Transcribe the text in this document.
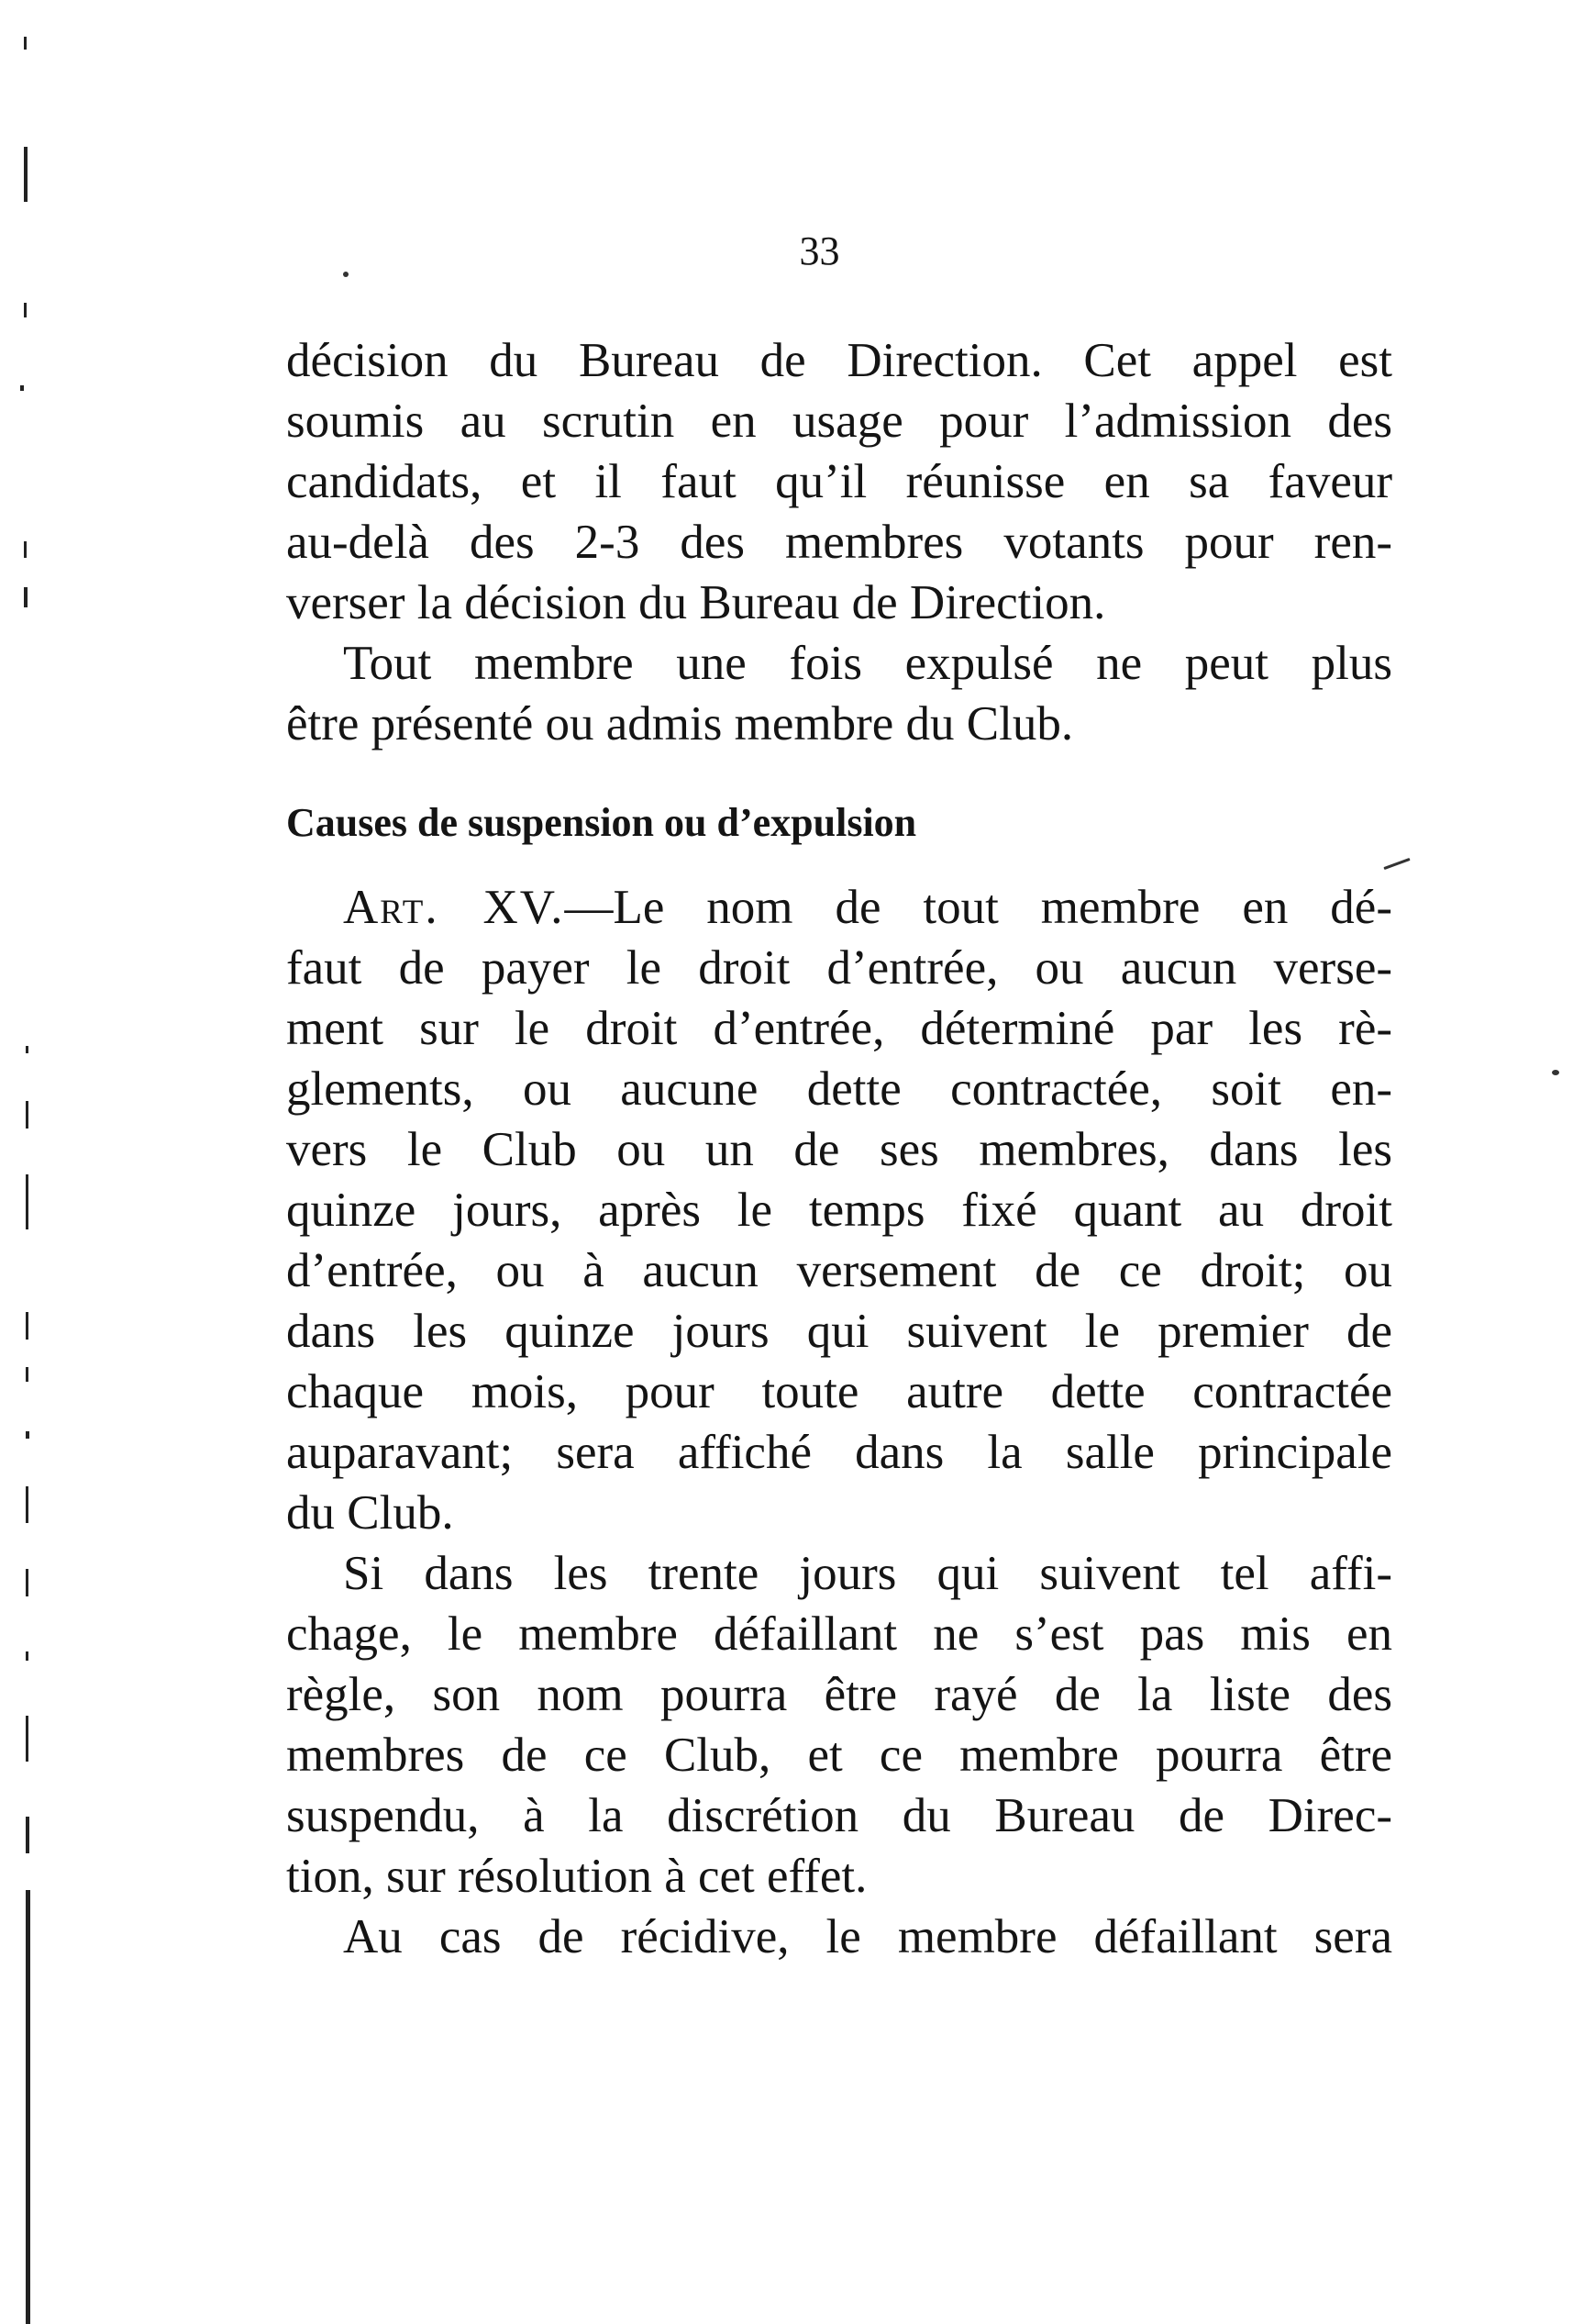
33
décision du Bureau de Direction. Cet appel est
soumis au scrutin en usage pour l’admission des
candidats, et il faut qu’il réunisse en sa faveur
au-delà des 2-3 des membres votants pour ren-
verser la décision du Bureau de Direction.
Tout membre une fois expulsé ne peut plus
être présenté ou admis membre du Club.
Causes de suspension ou d’expulsion
Art. XV.—Le nom de tout membre en dé-
faut de payer le droit d’entrée, ou aucun verse-
ment sur le droit d’entrée, déterminé par les rè-
glements, ou aucune dette contractée, soit en-
vers le Club ou un de ses membres, dans les
quinze jours, après le temps fixé quant au droit
d’entrée, ou à aucun versement de ce droit; ou
dans les quinze jours qui suivent le premier de
chaque mois, pour toute autre dette contractée
auparavant; sera affiché dans la salle principale
du Club.
Si dans les trente jours qui suivent tel affi-
chage, le membre défaillant ne s’est pas mis en
règle, son nom pourra être rayé de la liste des
membres de ce Club, et ce membre pourra être
suspendu, à la discrétion du Bureau de Direc-
tion, sur résolution à cet effet.
Au cas de récidive, le membre défaillant sera
